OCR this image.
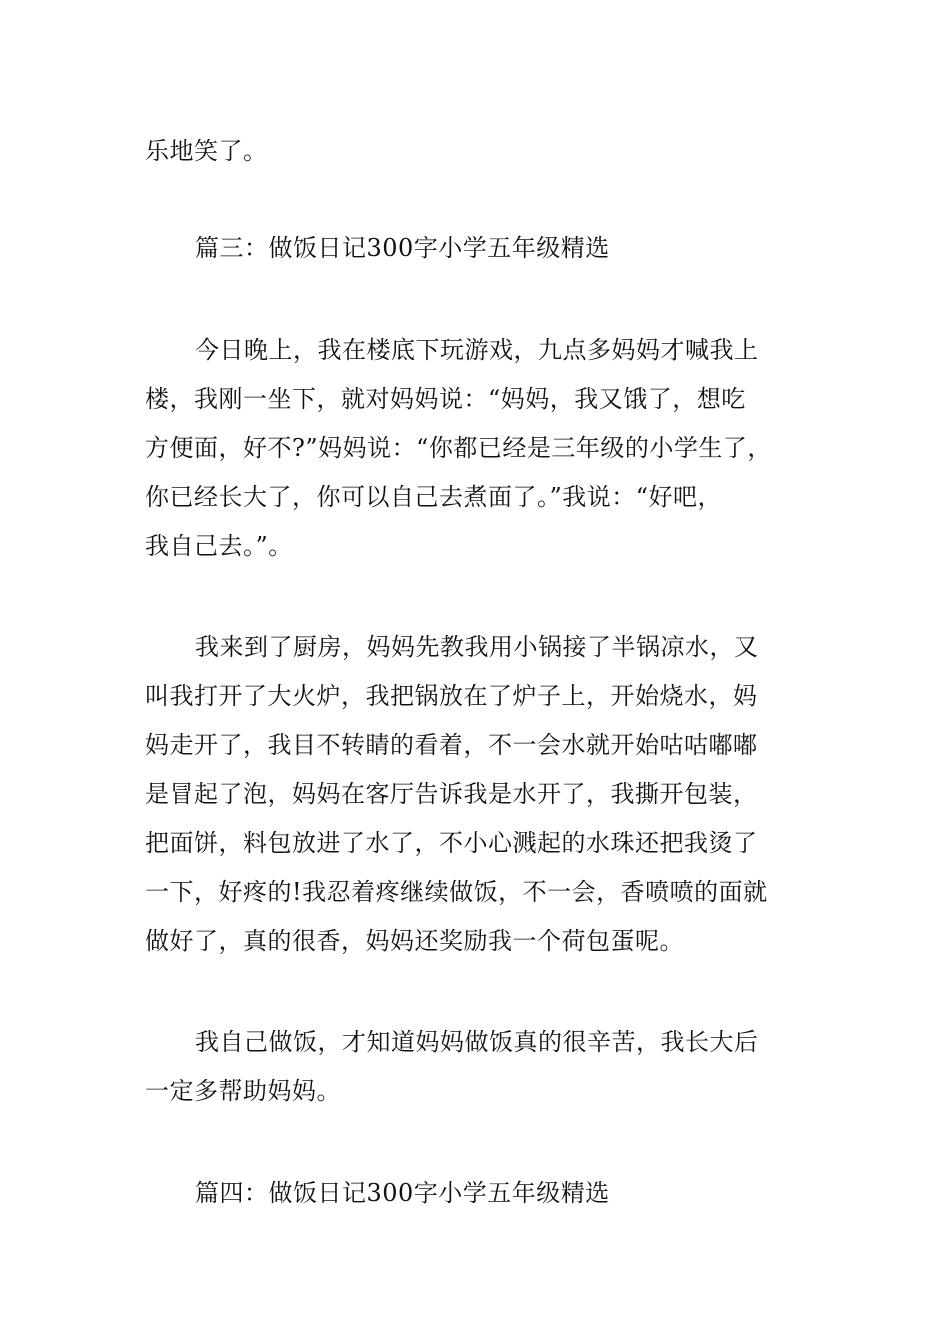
乐地笑了。
篇三：做饭日记300字小学五年级精选
今日晚上，我在楼底下玩游戏，九点多妈妈才喊我上
楼，我刚一坐下，就对妈妈说：“妈妈，我又饿了，想吃
方便面，好不?”妈妈说：“你都已经是三年级的小学生了，
你已经长大了，你可以自己去煮面了。”我说：“好吧，
我自己去。”。
我来到了厨房，妈妈先教我用小锅接了半锅凉水，又
叫我打开了大火炉，我把锅放在了炉子上，开始烧水，妈
妈走开了，我目不转睛的看着，不一会水就开始咕咕嘟嘟
是冒起了泡，妈妈在客厅告诉我是水开了，我撕开包装，
把面饼，料包放进了水了，不小心溅起的水珠还把我烫了
一下，好疼的!我忍着疼继续做饭，不一会，香喷喷的面就
做好了，真的很香，妈妈还奖励我一个荷包蛋呢。
我自己做饭，才知道妈妈做饭真的很辛苦，我长大后
一定多帮助妈妈。
篇四：做饭日记300字小学五年级精选
